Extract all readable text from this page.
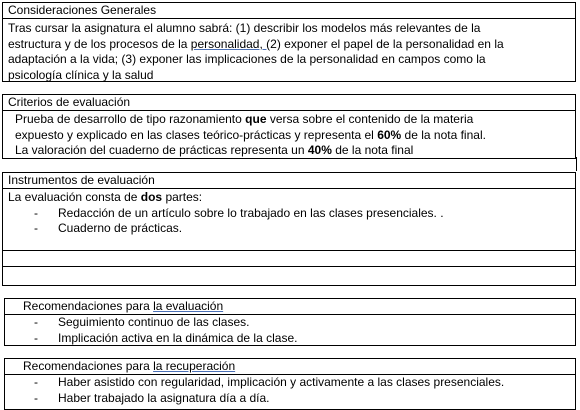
Consideraciones Generales
Tras cursar la asignatura el alumno sabrá: (1) describir los modelos más relevantes de la
estructura y de los procesos de la personalidad, (2) exponer el papel de la personalidad en la
adaptación a la vida; (3) exponer las implicaciones de la personalidad en campos como la
psicología clínica y la salud
Criterios de evaluación
Prueba de desarrollo de tipo razonamiento que versa sobre el contenido de la materia
expuesto y explicado en las clases teórico-prácticas y representa el 60% de la nota final.
La valoración del cuaderno de prácticas representa un 40% de la nota final
Instrumentos de evaluación
La evaluación consta de dos partes:
- Redacción de un artículo sobre lo trabajado en las clases presenciales. .
- Cuaderno de prácticas.
Recomendaciones para la evaluación
- Seguimiento continuo de las clases.
- Implicación activa en la dinámica de la clase.
Recomendaciones para la recuperación
- Haber asistido con regularidad, implicación y activamente a las clases presenciales.
- Haber trabajado la asignatura día a día.
